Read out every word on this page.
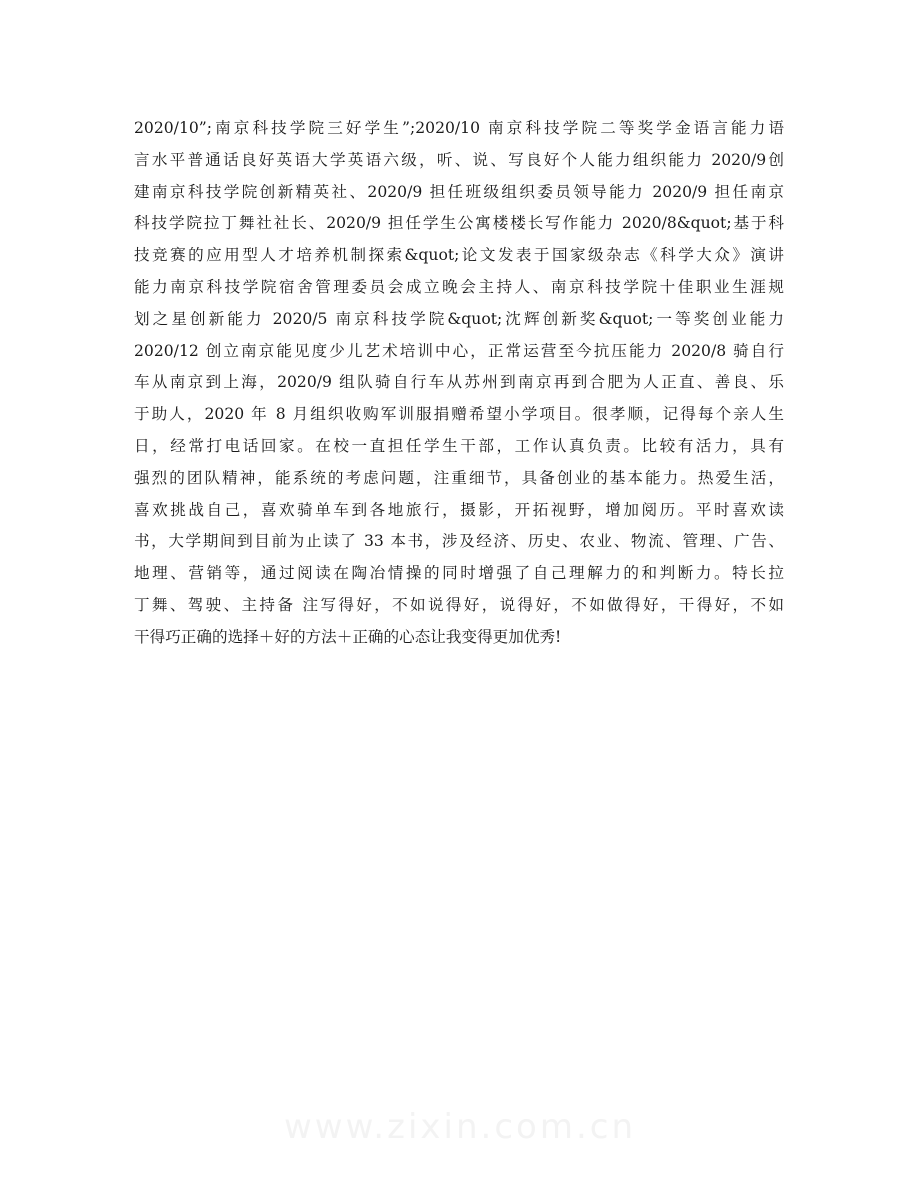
2020/10”;南京科技学院三好学生”;2020/10 南京科技学院二等奖学金语言能力语
言水平普通话良好英语大学英语六级，听、说、写良好个人能力组织能力 2020/9创
建南京科技学院创新精英社、2020/9 担任班级组织委员领导能力 2020/9 担任南京
科技学院拉丁舞社社长、2020/9 担任学生公寓楼楼长写作能力 2020/8&quot;基于科
技竞赛的应用型人才培养机制探索&quot;论文发表于国家级杂志《科学大众》演讲
能力南京科技学院宿舍管理委员会成立晚会主持人、南京科技学院十佳职业生涯规
划之星创新能力 2020/5 南京科技学院&quot;沈辉创新奖&quot;一等奖创业能力
2020/12 创立南京能见度少儿艺术培训中心，正常运营至今抗压能力 2020/8 骑自行
车从南京到上海，2020/9 组队骑自行车从苏州到南京再到合肥为人正直、善良、乐
于助人，2020 年 8 月组织收购军训服捐赠希望小学项目。很孝顺，记得每个亲人生
日，经常打电话回家。在校一直担任学生干部，工作认真负责。比较有活力，具有
强烈的团队精神，能系统的考虑问题，注重细节，具备创业的基本能力。热爱生活，
喜欢挑战自己，喜欢骑单车到各地旅行，摄影，开拓视野，增加阅历。平时喜欢读
书，大学期间到目前为止读了 33 本书，涉及经济、历史、农业、物流、管理、广告、
地理、营销等，通过阅读在陶冶情操的同时增强了自己理解力的和判断力。特长拉
丁舞、驾驶、主持备 注写得好，不如说得好，说得好，不如做得好，干得好，不如
干得巧正确的选择＋好的方法＋正确的心态让我变得更加优秀!
www.zixin.com.cn
